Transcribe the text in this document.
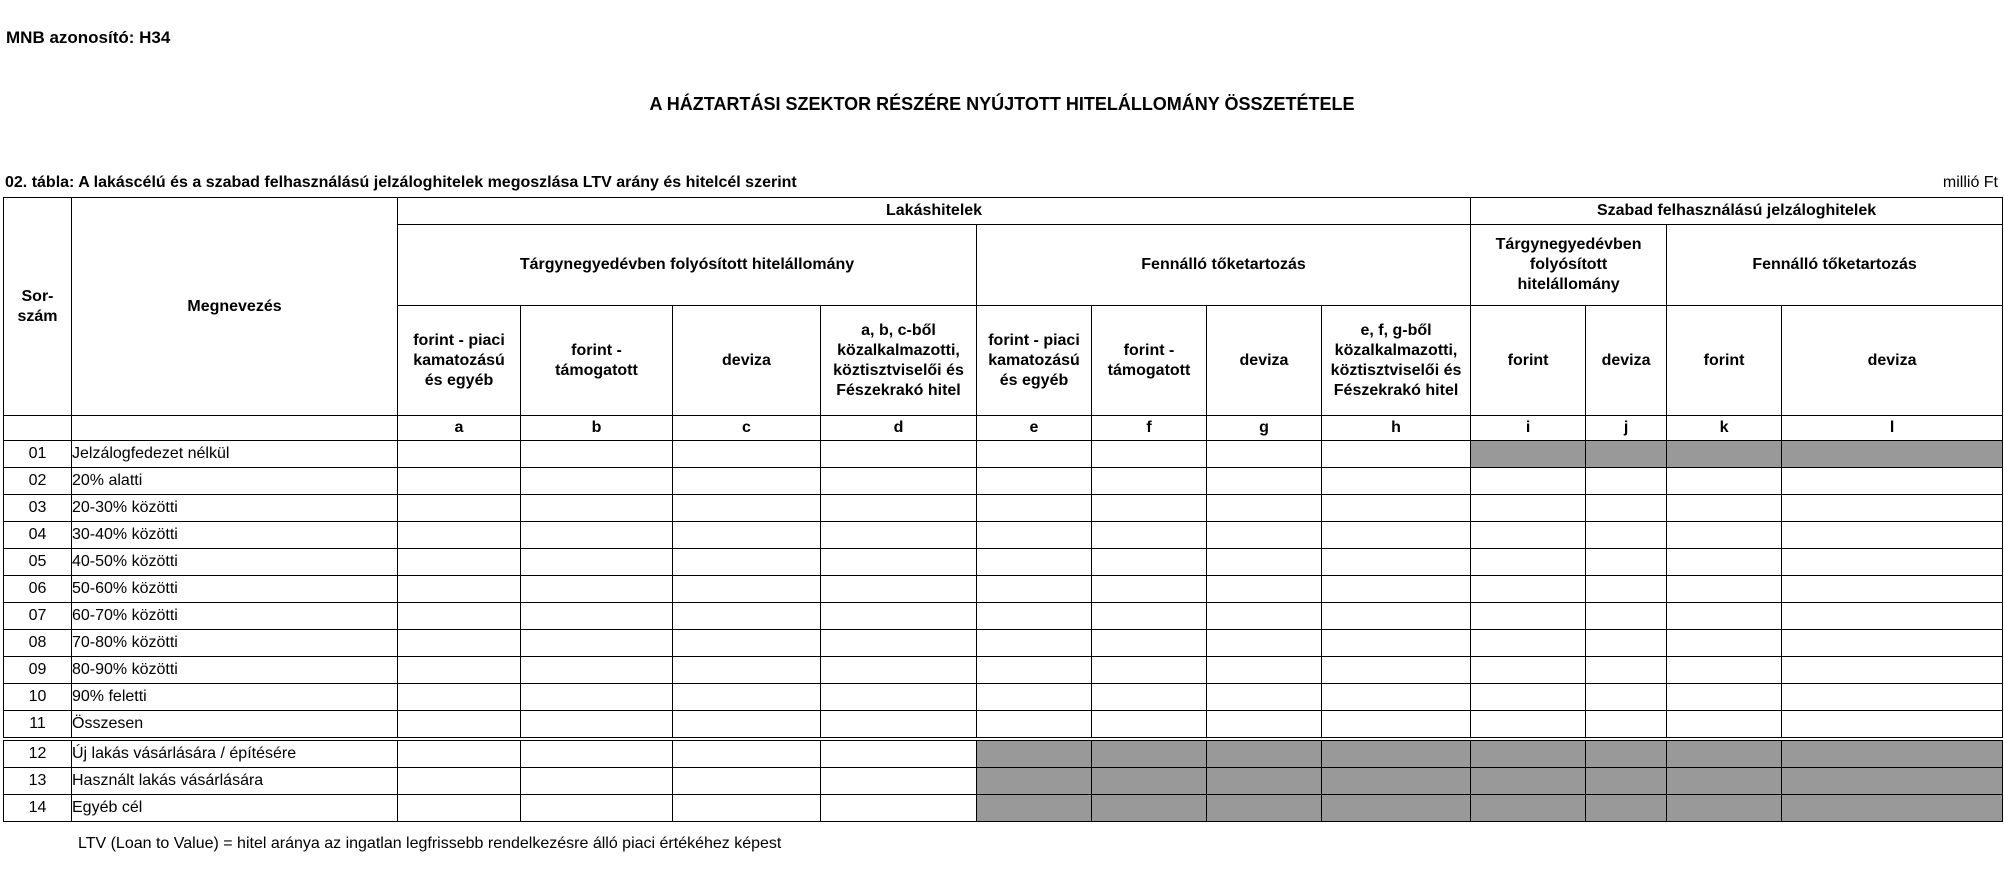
MNB azonosító: H34
A HÁZTARTÁSI SZEKTOR RÉSZÉRE NYÚJTOTT HITELÁLLOMÁNY ÖSSZETÉTELE
02. tábla: A lakáscélú és a szabad felhasználású jelzáloghitelek megoszlása LTV arány és hitelcél szerint	millió Ft
Sor-szám	Megnevezés	Lakáshitelek								Szabad felhasználású jelzáloghitelek			
		Tárgynegyedévben folyósított hitelállomány				Fennálló tőketartozás				Tárgynegyedévben folyósított hitelállomány		Fennálló tőketartozás	
		forint - piaci kamatozású és egyéb	forint - támogatott	deviza	a, b, c-ből közalkalmazotti, köztisztviselői és Fészekrakó hitel	forint - piaci kamatozású és egyéb	forint - támogatott	deviza	e, f, g-ből közalkalmazotti, köztisztviselői és Fészekrakó hitel	forint	deviza	forint	deviza
		a	b	c	d	e	f	g	h	i	j	k	l
01	Jelzálogfedezet nélkül												
02	20% alatti												
03	20-30% közötti												
04	30-40% közötti												
05	40-50% közötti												
06	50-60% közötti												
07	60-70% közötti												
08	70-80% közötti												
09	80-90% közötti												
10	90% feletti												
11	Összesen												
12	Új lakás vásárlására / építésére												
13	Használt lakás vásárlására												
14	Egyéb cél												
LTV (Loan to Value) = hitel aránya az ingatlan legfrissebb rendelkezésre álló piaci értékéhez képest
